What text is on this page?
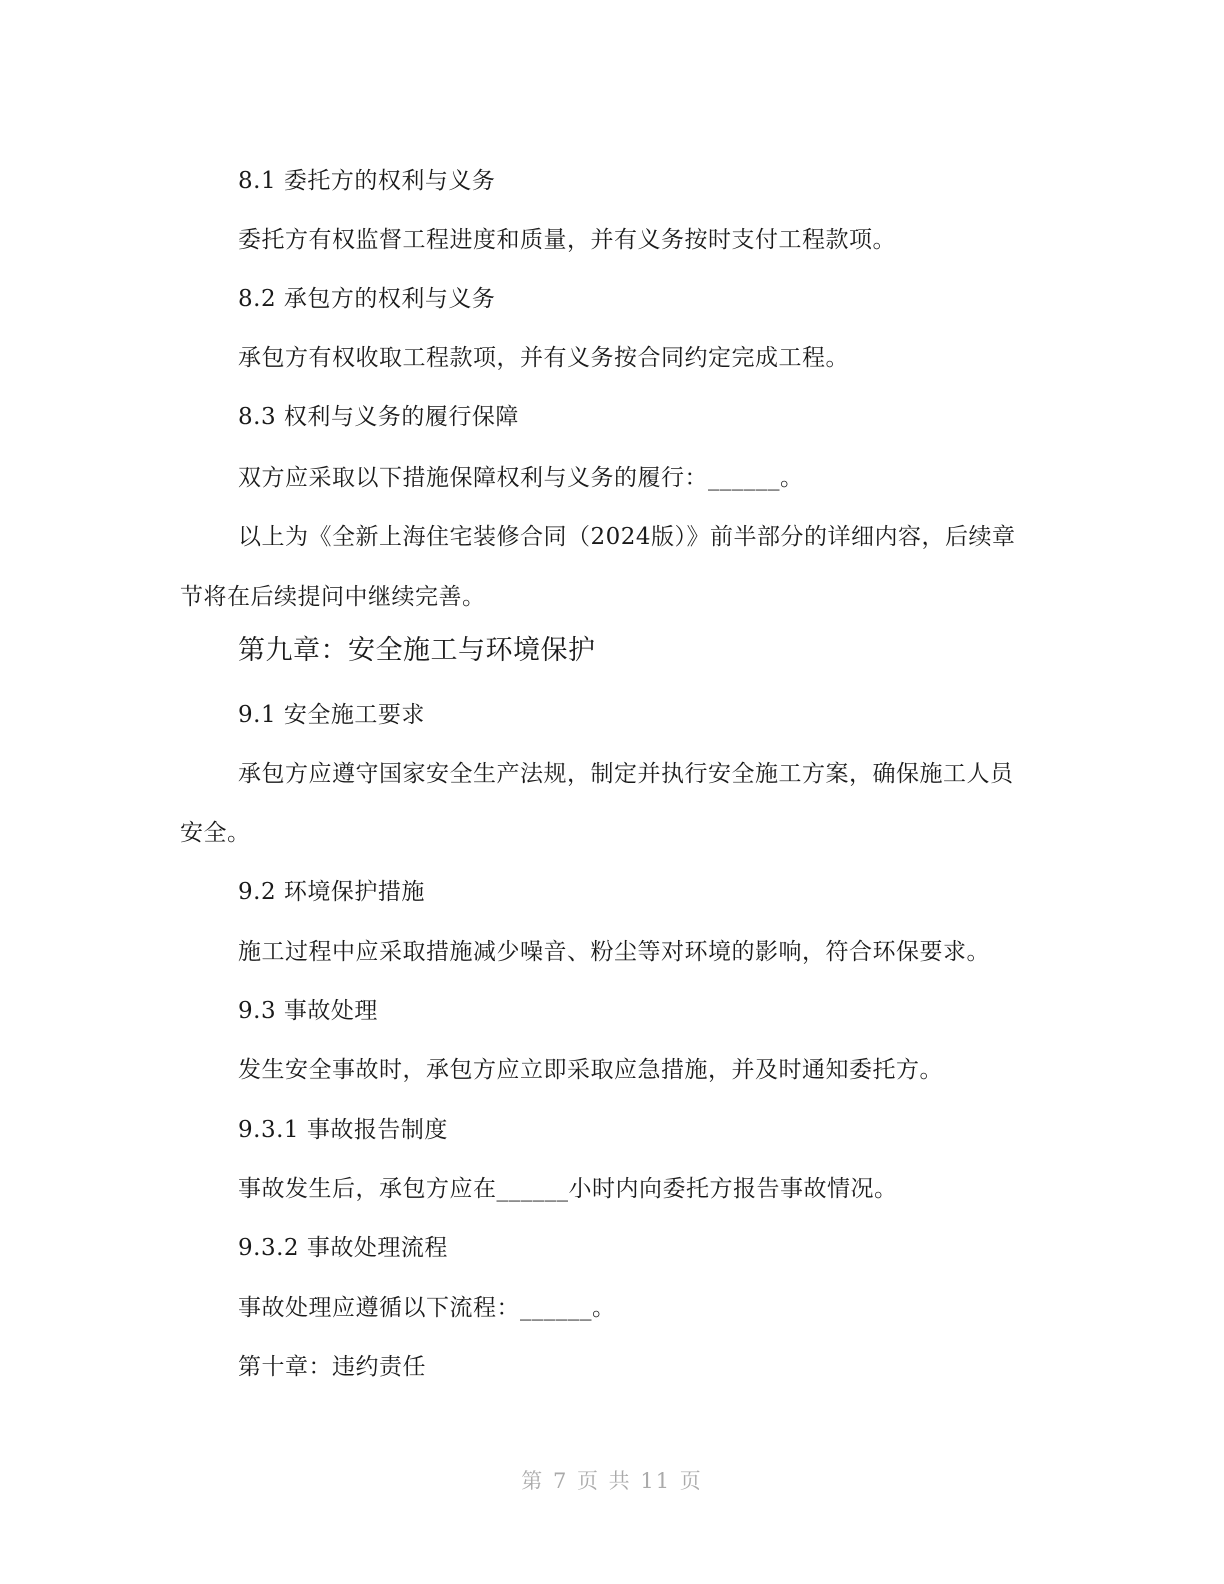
8.1 委托方的权利与义务
委托方有权监督工程进度和质量，并有义务按时支付工程款项。
8.2 承包方的权利与义务
承包方有权收取工程款项，并有义务按合同约定完成工程。
8.3 权利与义务的履行保障
双方应采取以下措施保障权利与义务的履行：______。
以上为《全新上海住宅装修合同（2024版）》前半部分的详细内容，后续章
节将在后续提问中继续完善。
第九章：安全施工与环境保护
9.1 安全施工要求
承包方应遵守国家安全生产法规，制定并执行安全施工方案，确保施工人员
安全。
9.2 环境保护措施
施工过程中应采取措施减少噪音、粉尘等对环境的影响，符合环保要求。
9.3 事故处理
发生安全事故时，承包方应立即采取应急措施，并及时通知委托方。
9.3.1 事故报告制度
事故发生后，承包方应在______小时内向委托方报告事故情况。
9.3.2 事故处理流程
事故处理应遵循以下流程：______。
第十章：违约责任
第 7 页 共 11 页
